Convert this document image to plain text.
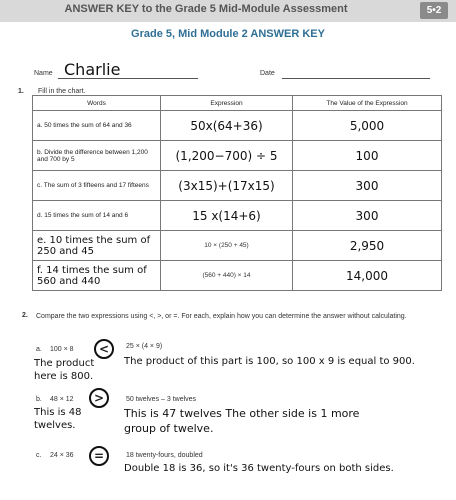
ANSWER KEY to the Grade 5 Mid-Module Assessment	5•2
Grade 5, Mid Module 2 ANSWER KEY
Name Charlie	Date
1. Fill in the chart.
Words	Expression	The Value of the Expression
a. 50 times the sum of 64 and 36	50x(64+36)	5,000
b. Divide the difference between 1,200 and 700 by 5	(1,200−700) ÷ 5	100
c. The sum of 3 fifteens and 17 fifteens	(3x15)+(17x15)	300
d. 15 times the sum of 14 and 6	15 x(14+6)	300
e. 10 times the sum of 250 and 45	10 × (250 + 45)	2,950
f. 14 times the sum of 560 and 440	(560 + 440) × 14	14,000
2. Compare the two expressions using <, >, or =. For each, explain how you can determine the answer without calculating.
a. 100 × 8	<	25 × (4 × 9)
The product here is 800.
The product of this part is 100, so 100 x 9 is equal to 900.
b. 48 × 12	>	50 twelves – 3 twelves
This is 48 twelves.
This is 47 twelves The other side is 1 more group of twelve.
c. 24 × 36	=	18 twenty-fours, doubled
Double 18 is 36, so it's 36 twenty-fours on both sides.
